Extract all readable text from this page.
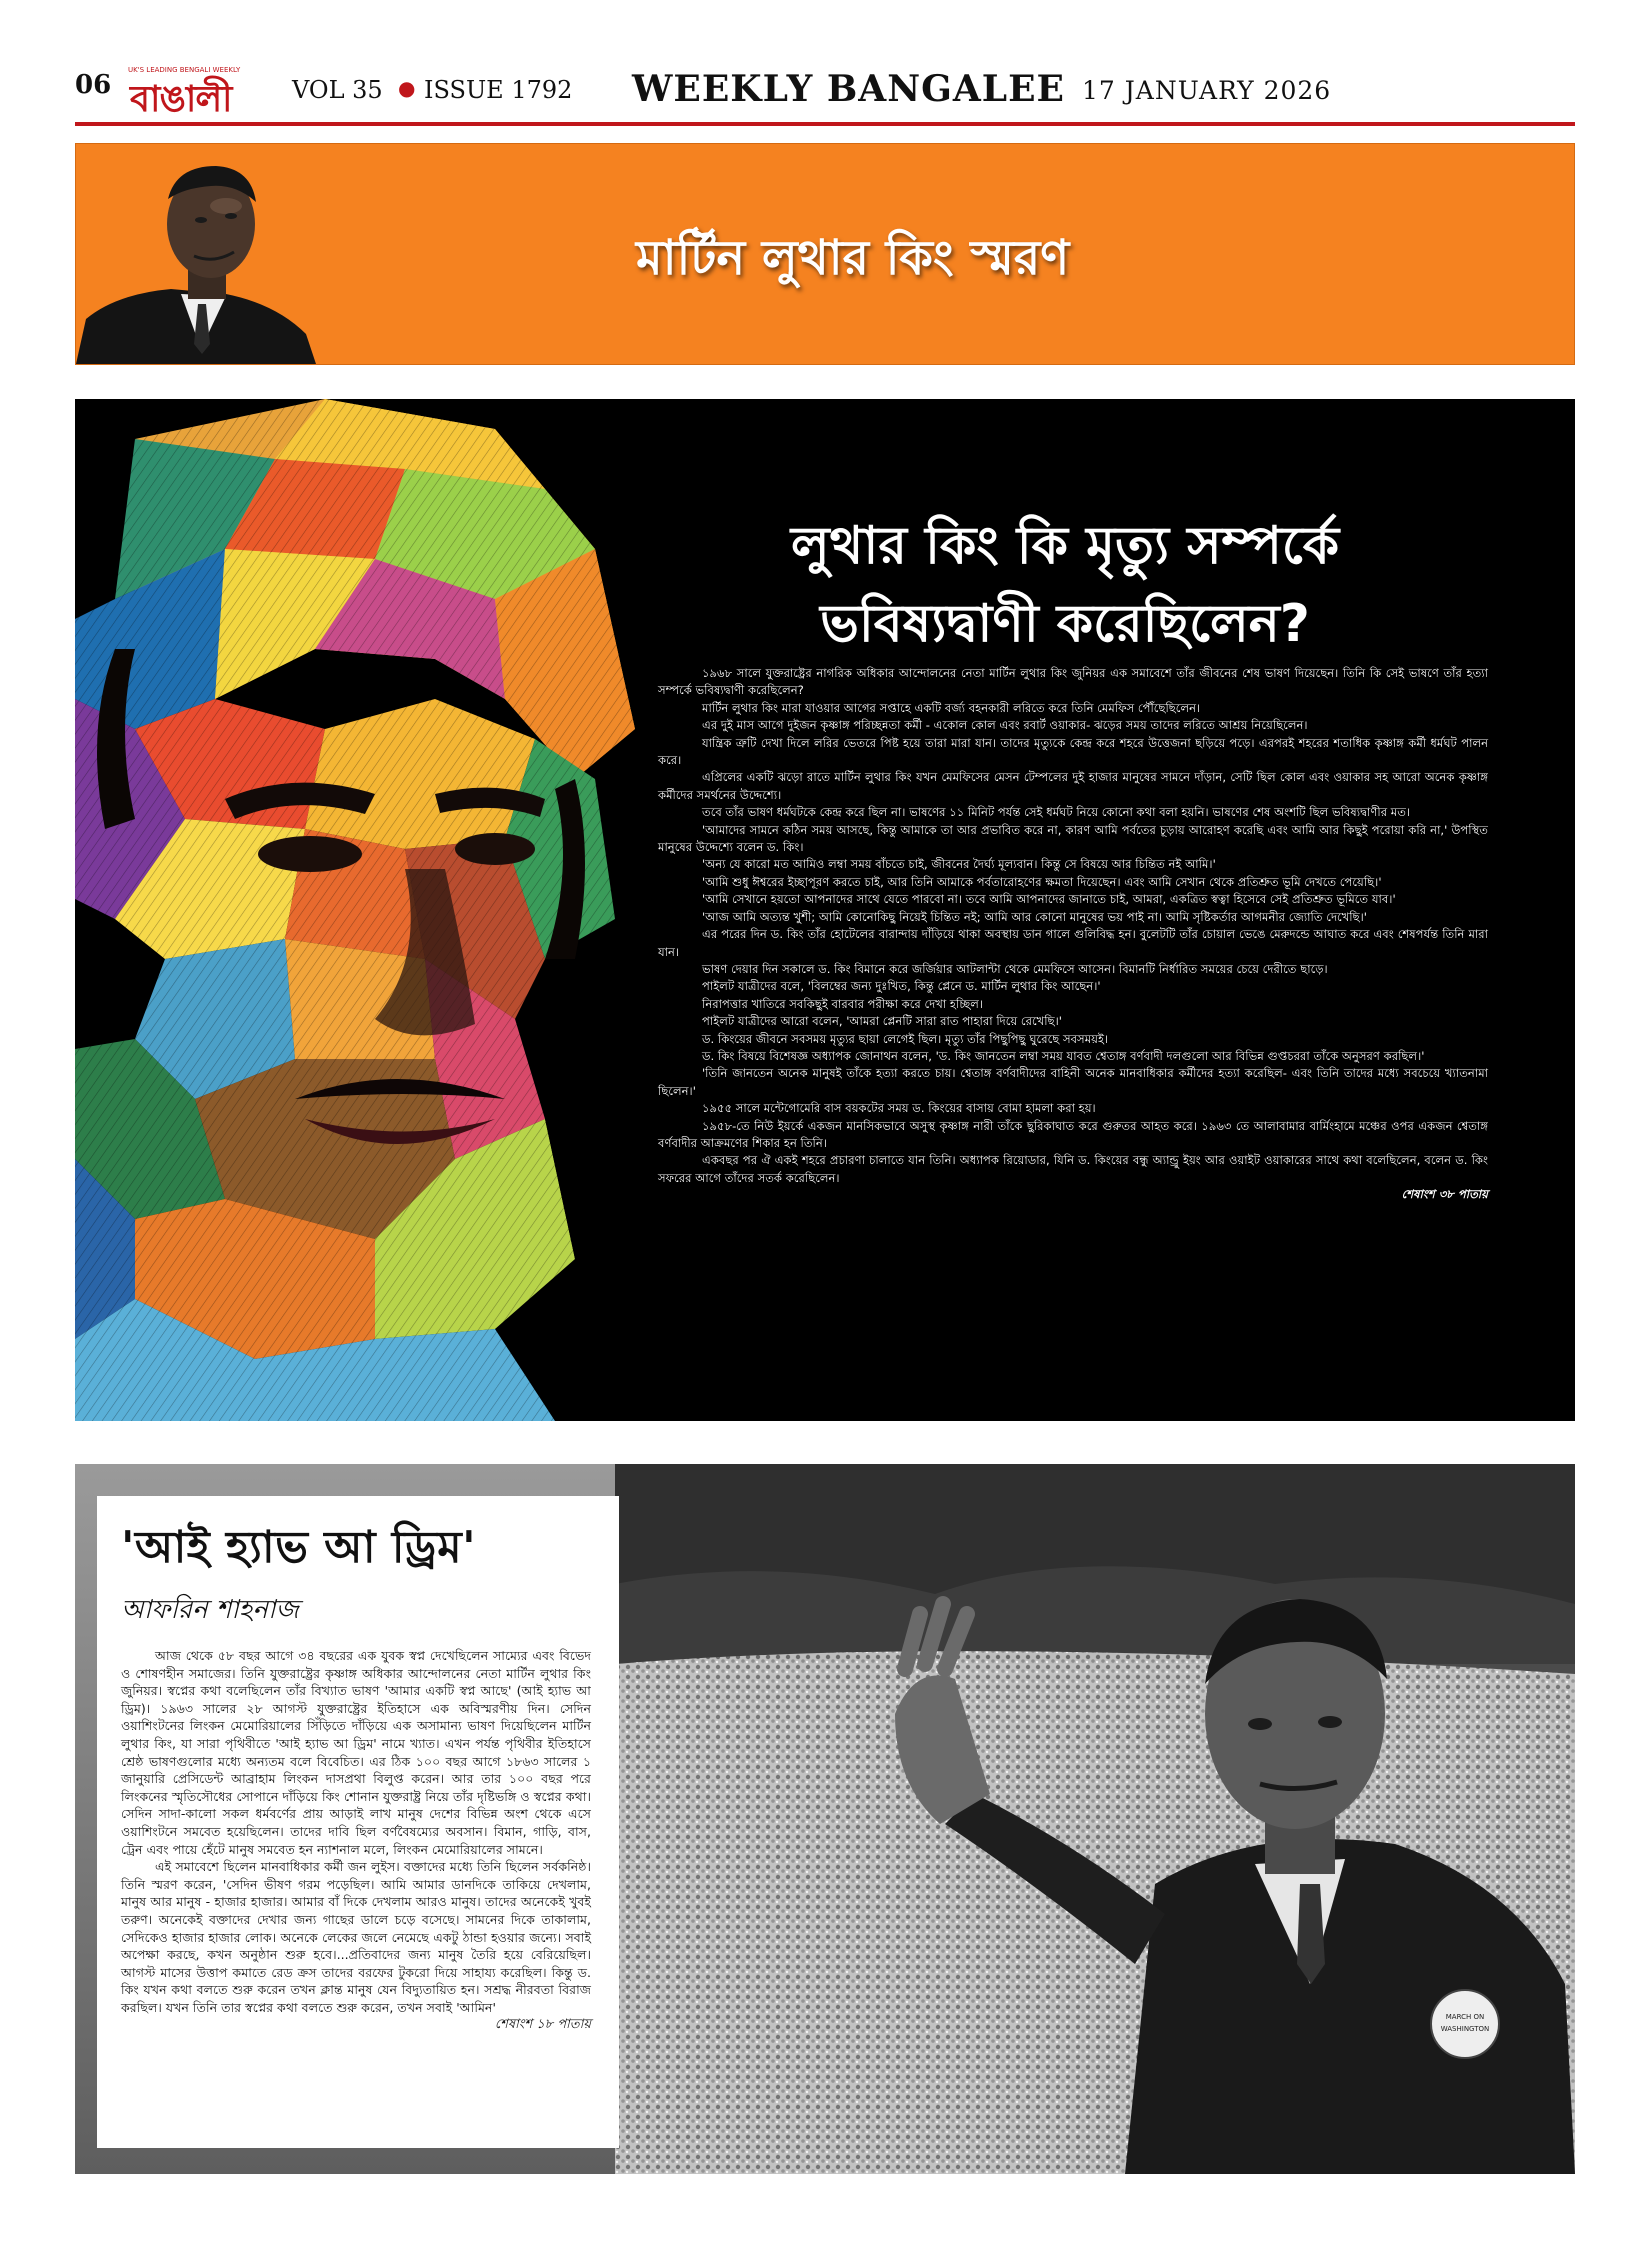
06 UK'S LEADING BENGALI WEEKLY
বাঙালী	VOL 35 ● ISSUE 1792 WEEKLY BANGALEE 17 JANUARY 2026
মার্টিন লুথার কিং স্মরণ
লুথার কিং কি মৃত্যু সম্পর্কে
ভবিষ্যদ্বাণী করেছিলেন?

১৯৬৮ সালে যুক্তরাষ্ট্রের নাগরিক অধিকার আন্দোলনের নেতা মার্টিন লুথার কিং জুনিয়র এক সমাবেশে তাঁর জীবনের শেষ ভাষণ দিয়েছেন। তিনি কি সেই ভাষণে তাঁর হত্যা সম্পর্কে ভবিষ্যদ্বাণী করেছিলেন?

মার্টিন লুথার কিং মারা যাওয়ার আগের সপ্তাহে একটি বর্জ্য বহনকারী লরিতে করে তিনি মেমফিস পৌঁছেছিলেন।

এর দুই মাস আগে দুইজন কৃষ্ণাঙ্গ পরিচ্ছন্নতা কর্মী - একোল কোল এবং রবার্ট ওয়াকার- ঝড়ের সময় তাদের লরিতে আশ্রয় নিয়েছিলেন।

যান্ত্রিক ত্রুটি দেখা দিলে লরির ভেতরে পিষ্ট হয়ে তারা মারা যান। তাদের মৃত্যুকে কেন্দ্র করে শহরে উত্তেজনা ছড়িয়ে পড়ে। এরপরই শহরের শতাধিক কৃষ্ণাঙ্গ কর্মী ধর্মঘট পালন করে।

এপ্রিলের একটি ঝড়ো রাতে মার্টিন লুথার কিং যখন মেমফিসের মেসন টেম্পলের দুই হাজার মানুষের সামনে দাঁড়ান, সেটি ছিল কোল এবং ওয়াকার সহ আরো অনেক কৃষ্ণাঙ্গ কর্মীদের সমর্থনের উদ্দেশ্যে।

তবে তাঁর ভাষণ ধর্মঘটকে কেন্দ্র করে ছিল না। ভাষণের ১১ মিনিট পর্যন্ত সেই ধর্মঘট নিয়ে কোনো কথা বলা হয়নি। ভাষণের শেষ অংশটি ছিল ভবিষ্যদ্বাণীর মত।

'আমাদের সামনে কঠিন সময় আসছে, কিন্তু আমাকে তা আর প্রভাবিত করে না, কারণ আমি পর্বতের চূড়ায় আরোহণ করেছি এবং আমি আর কিছুই পরোয়া করি না,' উপস্থিত মানুষের উদ্দেশ্যে বলেন ড. কিং।

'অন্য যে কারো মত আমিও লম্বা সময় বাঁচতে চাই, জীবনের দৈর্ঘ্য মূল্যবান। কিন্তু সে বিষয়ে আর চিন্তিত নই আমি।'

'আমি শুধু ঈশ্বরের ইচ্ছাপূরণ করতে চাই, আর তিনি আমাকে পর্বতারোহণের ক্ষমতা দিয়েছেন। এবং আমি সেখান থেকে প্রতিশ্রুত ভূমি দেখতে পেয়েছি।'

'আমি সেখানে হয়তো আপনাদের সাথে যেতে পারবো না। তবে আমি আপনাদের জানাতে চাই, আমরা, একত্রিত স্বত্বা হিসেবে সেই প্রতিশ্রুত ভূমিতে যাব।'

'আজ আমি অত্যন্ত খুশী; আমি কোনোকিছু নিয়েই চিন্তিত নই; আমি আর কোনো মানুষের ভয় পাই না। আমি সৃষ্টিকর্তার আগমনীর জ্যোতি দেখেছি।'

এর পরের দিন ড. কিং তাঁর হোটেলের বারান্দায় দাঁড়িয়ে থাকা অবস্থায় ডান গালে গুলিবিদ্ধ হন। বুলেটটি তাঁর চোয়াল ভেঙে মেরুদন্ডে আঘাত করে এবং শেষপর্যন্ত তিনি মারা যান।

ভাষণ দেয়ার দিন সকালে ড. কিং বিমানে করে জর্জিয়ার আটলান্টা থেকে মেমফিসে আসেন। বিমানটি নির্ধারিত সময়ের চেয়ে দেরীতে ছাড়ে।

পাইলট যাত্রীদের বলে, 'বিলম্বের জন্য দুঃখিত, কিন্তু প্লেনে ড. মার্টিন লুথার কিং আছেন।'

নিরাপত্তার খাতিরে সবকিছুই বারবার পরীক্ষা করে দেখা হচ্ছিল।

পাইলট যাত্রীদের আরো বলেন, 'আমরা প্লেনটি সারা রাত পাহারা দিয়ে রেখেছি।'

ড. কিংয়ের জীবনে সবসময় মৃত্যুর ছায়া লেগেই ছিল। মৃত্যু তাঁর পিছুপিছু ঘুরেছে সবসময়ই।

ড. কিং বিষয়ে বিশেষজ্ঞ অধ্যাপক জোনাথন বলেন, 'ড. কিং জানতেন লম্বা সময় যাবত শ্বেতাঙ্গ বর্ণবাদী দলগুলো আর বিভিন্ন গুপ্তচররা তাঁকে অনুসরণ করছিল।'

'তিনি জানতেন অনেক মানুষই তাঁকে হত্যা করতে চায়। শ্বেতাঙ্গ বর্ণবাদীদের বাহিনী অনেক মানবাধিকার কর্মীদের হত্যা করেছিল- এবং তিনি তাদের মধ্যে সবচেয়ে খ্যাতনামা ছিলেন।'

১৯৫৫ সালে মন্টেগোমেরি বাস বয়কটের সময় ড. কিংয়ের বাসায় বোমা হামলা করা হয়।

১৯৫৮-তে নিউ ইয়র্কে একজন মানসিকভাবে অসুস্থ কৃষ্ণাঙ্গ নারী তাঁকে ছুরিকাঘাত করে গুরুতর আহত করে। ১৯৬৩ তে আলাবামার বার্মিংহামে মঞ্চের ওপর একজন শ্বেতাঙ্গ বর্ণবাদীর আক্রমণের শিকার হন তিনি।

একবছর পর ঐ একই শহরে প্রচারণা চালাতে যান তিনি। অধ্যাপক রিয়োডার, যিনি ড. কিংয়ের বন্ধু অ্যান্ড্রু ইয়ং আর ওয়াইট ওয়াকারের সাথে কথা বলেছিলেন, বলেন ড. কিং সফরের আগে তাঁদের সতর্ক করেছিলেন।

শেষাংশ ৩৮ পাতায়
MARCH ON
WASHINGTON
'আই হ্যাভ আ ড্রিম'
আফরিন শাহনাজ

আজ থেকে ৫৮ বছর আগে ৩৪ বছরের এক যুবক স্বপ্ন দেখেছিলেন সাম্যের এবং বিভেদ ও শোষণহীন সমাজের। তিনি যুক্তরাষ্ট্রের কৃষ্ণাঙ্গ অধিকার আন্দোলনের নেতা মার্টিন লুথার কিং জুনিয়র। স্বপ্নের কথা বলেছিলেন তাঁর বিখ্যাত ভাষণ 'আমার একটি স্বপ্ন আছে' (আই হ্যাভ আ ড্রিম)। ১৯৬৩ সালের ২৮ আগস্ট যুক্তরাষ্ট্রের ইতিহাসে এক অবিস্মরণীয় দিন। সেদিন ওয়াশিংটনের লিংকন মেমোরিয়ালের সিঁড়িতে দাঁড়িয়ে এক অসামান্য ভাষণ দিয়েছিলেন মার্টিন লুথার কিং, যা সারা পৃথিবীতে 'আই হ্যাভ আ ড্রিম' নামে খ্যাত। এখন পর্যন্ত পৃথিবীর ইতিহাসে শ্রেষ্ঠ ভাষণগুলোর মধ্যে অন্যতম বলে বিবেচিত। এর ঠিক ১০০ বছর আগে ১৮৬৩ সালের ১ জানুয়ারি প্রেসিডেন্ট আব্রাহাম লিংকন দাসপ্রথা বিলুপ্ত করেন। আর তার ১০০ বছর পরে লিংকনের স্মৃতিসৌধের সোপানে দাঁড়িয়ে কিং শোনান যুক্তরাষ্ট্র নিয়ে তাঁর দৃষ্টিভঙ্গি ও স্বপ্নের কথা। সেদিন সাদা-কালো সকল ধর্মবর্ণের প্রায় আড়াই লাখ মানুষ দেশের বিভিন্ন অংশ থেকে এসে ওয়াশিংটনে সমবেত হয়েছিলেন। তাদের দাবি ছিল বর্ণবৈষম্যের অবসান। বিমান, গাড়ি, বাস, ট্রেন এবং পায়ে হেঁটে মানুষ সমবেত হন ন্যাশনাল মলে, লিংকন মেমোরিয়ালের সামনে।

এই সমাবেশে ছিলেন মানবাধিকার কর্মী জন লুইস। বক্তাদের মধ্যে তিনি ছিলেন সর্বকনিষ্ঠ। তিনি স্মরণ করেন, 'সেদিন ভীষণ গরম পড়েছিল। আমি আমার ডানদিকে তাকিয়ে দেখলাম, মানুষ আর মানুষ - হাজার হাজার। আমার বাঁ দিকে দেখলাম আরও মানুষ। তাদের অনেকেই খুবই তরুণ। অনেকেই বক্তাদের দেখার জন্য গাছের ডালে চড়ে বসেছে। সামনের দিকে তাকালাম, সেদিকেও হাজার হাজার লোক। অনেকে লেকের জলে নেমেছে একটু ঠান্ডা হওয়ার জন্যে। সবাই অপেক্ষা করছে, কখন অনুষ্ঠান শুরু হবে।...প্রতিবাদের জন্য মানুষ তৈরি হয়ে বেরিয়েছিল। আগস্ট মাসের উত্তাপ কমাতে রেড ক্রস তাদের বরফের টুকরো দিয়ে সাহায্য করেছিল। কিন্তু ড. কিং যখন কথা বলতে শুরু করেন তখন ক্লান্ত মানুষ যেন বিদ্যুতায়িত হন। সশ্রদ্ধ নীরবতা বিরাজ করছিল। যখন তিনি তার স্বপ্নের কথা বলতে শুরু করেন, তখন সবাই 'আমিন'

শেষাংশ ১৮ পাতায়
